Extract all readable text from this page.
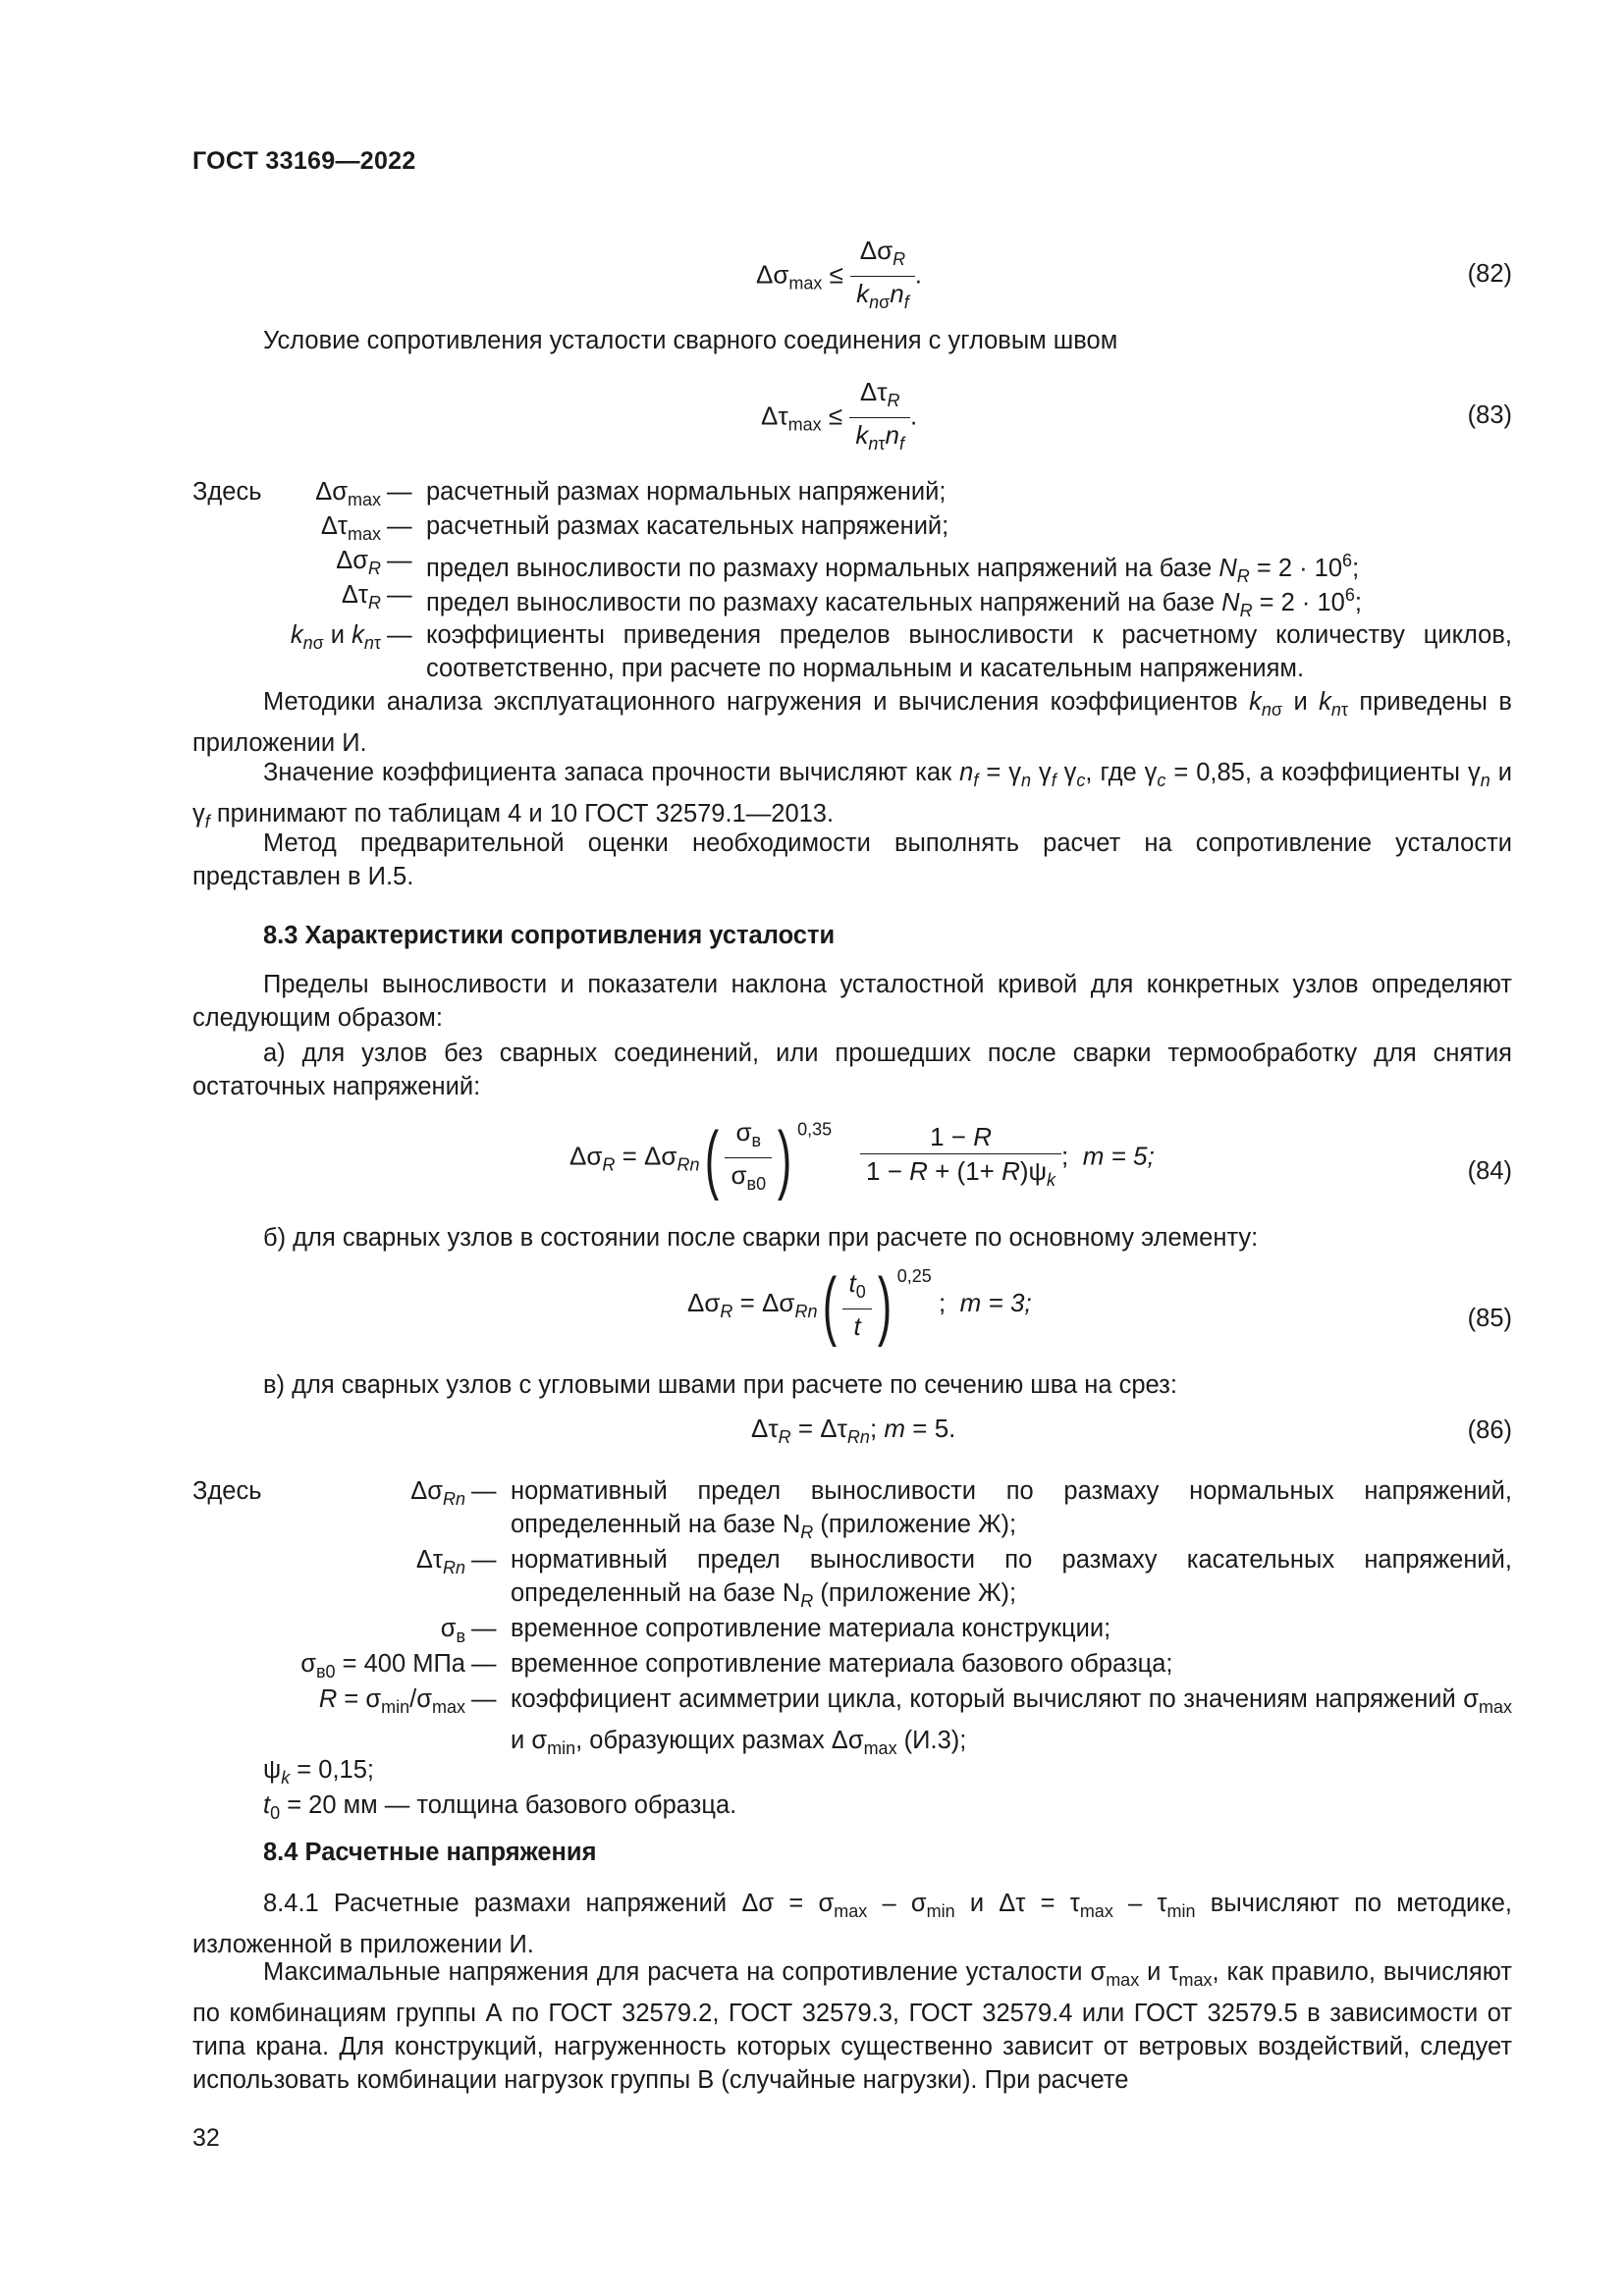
ГОСТ 33169—2022
$\Delta\sigma_{max} \le \frac{\Delta\sigma_R}{k_{n\sigma}n_f}$ .	(82)
Условие сопротивления усталости сварного соединения с угловым швом
$\Delta\tau_{max} \le \frac{\Delta\tau_R}{k_{n\tau}n_f}$ .	(83)
Здесь	$\Delta\sigma_{max}$ — расчетный размах нормальных напряжений;
$\Delta\tau_{max}$ — расчетный размах касательных напряжений;
$\Delta\sigma_R$ — предел выносливости по размаху нормальных напряжений на базе $N_R = 2 \cdot 10^6$;
$\Delta\tau_R$ — предел выносливости по размаху касательных напряжений на базе $N_R = 2 \cdot 10^6$;
$k_{n\sigma}$ и $k_{n\tau}$ — коэффициенты приведения пределов выносливости к расчетному количеству циклов, соответственно, при расчете по нормальным и касательным напряжениям.
Методики анализа эксплуатационного нагружения и вычисления коэффициентов $k_{n\sigma}$ и $k_{n\tau}$ приведены в приложении И.
Значение коэффициента запаса прочности вычисляют как $n_f = \gamma_n$ $\gamma_f$ $\gamma_c$, где $\gamma_c = 0,85$, а коэффициенты $\gamma_n$ и $\gamma_f$ принимают по таблицам 4 и 10 ГОСТ 32579.1—2013.
Метод предварительной оценки необходимости выполнять расчет на сопротивление усталости представлен в И.5.
8.3 Характеристики сопротивления усталости
Пределы выносливости и показатели наклона усталостной кривой для конкретных узлов определяют следующим образом:
а) для узлов без сварных соединений, или прошедших после сварки термообработку для снятия остаточных напряжений:
$\Delta\sigma_R = \Delta\sigma_{Rn}( \frac{\sigma_в}{\sigma_{в0}}$ ) $^{0,35} \frac{1 - R}{1 - R + (1+ R)\psi_k}$ ;  m = 5;
(84)
б) для сварных узлов в состоянии после сварки при расчете по основному элементу:
$\Delta\sigma_R = \Delta\sigma_{Rn}( \frac{t_0}{t}$ ) $^{0,25}$ ;  m = 3;
(85)
в) для сварных узлов с угловыми швами при расчете по сечению шва на срез:
$\Delta\tau_R = \Delta\tau_{Rn}$; m = 5.	(86)
Здесь	$\Delta\sigma_{Rn}$ — нормативный предел выносливости по размаху нормальных напряжений, определенный на базе $N_R$ (приложение Ж);
$\Delta\tau_{Rn}$ — нормативный предел выносливости по размаху касательных напряжений, определенный на базе $N_R$ (приложение Ж);
$\sigma_в$ — временное сопротивление материала конструкции;
$\sigma_{в0} = 400$ МПа — временное сопротивление материала базового образца;
$R = \sigma_{min}/\sigma_{max}$ — коэффициент асимметрии цикла, который вычисляют по значениям напряжений $\sigma_{max}$ и $\sigma_{min}$, образующих размах $\Delta\sigma_{max}$ (И.3);
$\psi_k = 0,15$;
$t_0 = 20$ мм — толщина базового образца.
8.4 Расчетные напряжения
8.4.1 Расчетные размахи напряжений $\Delta\sigma = \sigma_{max} - \sigma_{min}$ и $\Delta\tau = \tau_{max} - \tau_{min}$ вычисляют по методике, изложенной в приложении И.
Максимальные напряжения для расчета на сопротивление усталости $\sigma_{max}$ и $\tau_{max}$, как правило, вычисляют по комбинациям группы А по ГОСТ 32579.2, ГОСТ 32579.3, ГОСТ 32579.4 или ГОСТ 32579.5 в зависимости от типа крана. Для конструкций, нагруженность которых существенно зависит от ветровых воздействий, следует использовать комбинации нагрузок группы В (случайные нагрузки). При расчете
32
